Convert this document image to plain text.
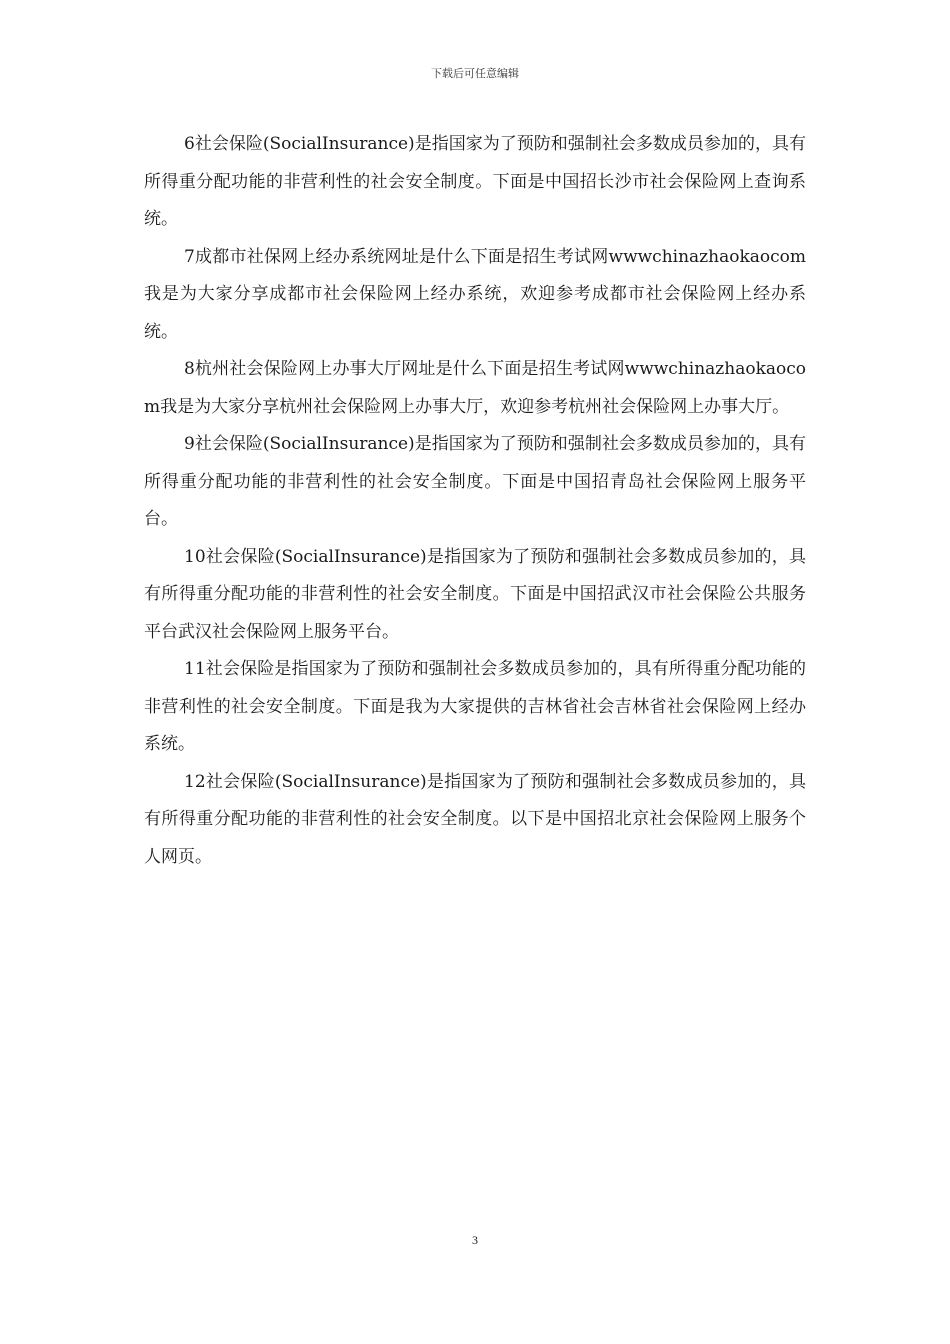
下载后可任意编辑

6社会保险(SocialInsurance)是指国家为了预防和强制社会多数成员参加的，具有所得重分配功能的非营利性的社会安全制度。下面是中国招长沙市社会保险网上查询系统。

7成都市社保网上经办系统网址是什么下面是招生考试网wwwchinazhaokaocom我是为大家分享成都市社会保险网上经办系统，欢迎参考成都市社会保险网上经办系统。

8杭州社会保险网上办事大厅网址是什么下面是招生考试网wwwchinazhaokaocom我是为大家分享杭州社会保险网上办事大厅，欢迎参考杭州社会保险网上办事大厅。

9社会保险(SocialInsurance)是指国家为了预防和强制社会多数成员参加的，具有所得重分配功能的非营利性的社会安全制度。下面是中国招青岛社会保险网上服务平台。

10社会保险(SocialInsurance)是指国家为了预防和强制社会多数成员参加的，具有所得重分配功能的非营利性的社会安全制度。下面是中国招武汉市社会保险公共服务平台武汉社会保险网上服务平台。

11社会保险是指国家为了预防和强制社会多数成员参加的，具有所得重分配功能的非营利性的社会安全制度。下面是我为大家提供的吉林省社会吉林省社会保险网上经办系统。

12社会保险(SocialInsurance)是指国家为了预防和强制社会多数成员参加的，具有所得重分配功能的非营利性的社会安全制度。以下是中国招北京社会保险网上服务个人网页。

3
